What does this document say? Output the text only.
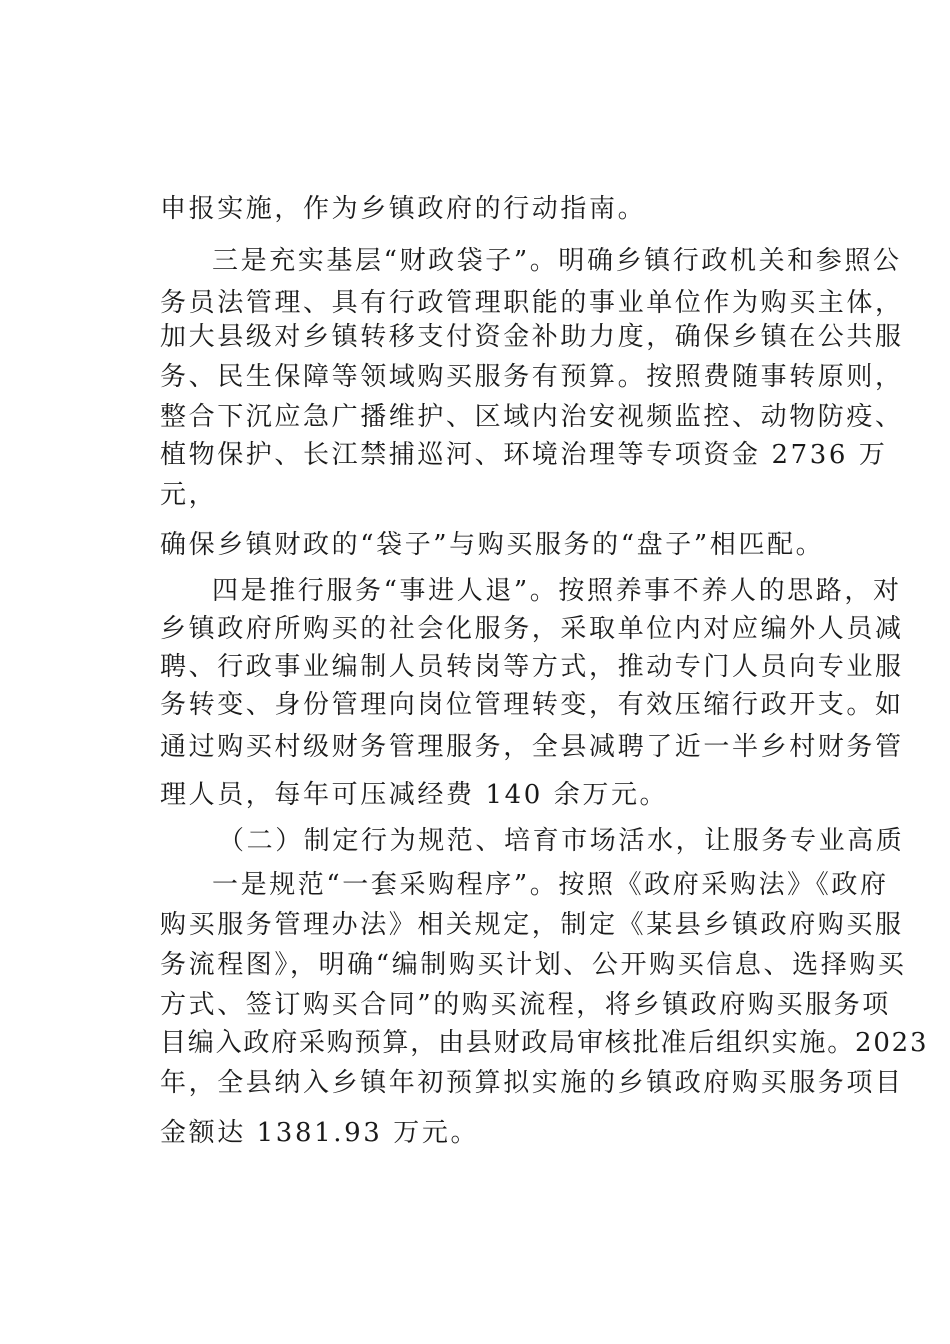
申报实施，作为乡镇政府的行动指南。
三是充实基层“财政袋子”。明确乡镇行政机关和参照公
务员法管理、具有行政管理职能的事业单位作为购买主体，
加大县级对乡镇转移支付资金补助力度，确保乡镇在公共服
务、民生保障等领域购买服务有预算。按照费随事转原则，
整合下沉应急广播维护、区域内治安视频监控、动物防疫、
植物保护、长江禁捕巡河、环境治理等专项资金 2736 万
元，
确保乡镇财政的“袋子”与购买服务的“盘子”相匹配。
四是推行服务“事进人退”。按照养事不养人的思路，对
乡镇政府所购买的社会化服务，采取单位内对应编外人员减
聘、行政事业编制人员转岗等方式，推动专门人员向专业服
务转变、身份管理向岗位管理转变，有效压缩行政开支。如
通过购买村级财务管理服务，全县减聘了近一半乡村财务管
理人员，每年可压减经费 140 余万元。
（二）制定行为规范、培育市场活水，让服务专业高质
一是规范“一套采购程序”。按照《政府采购法》《政府
购买服务管理办法》相关规定，制定《某县乡镇政府购买服
务流程图》，明确“编制购买计划、公开购买信息、选择购买
方式、签订购买合同”的购买流程，将乡镇政府购买服务项
目编入政府采购预算，由县财政局审核批准后组织实施。2023
年，全县纳入乡镇年初预算拟实施的乡镇政府购买服务项目
金额达 1381.93 万元。
